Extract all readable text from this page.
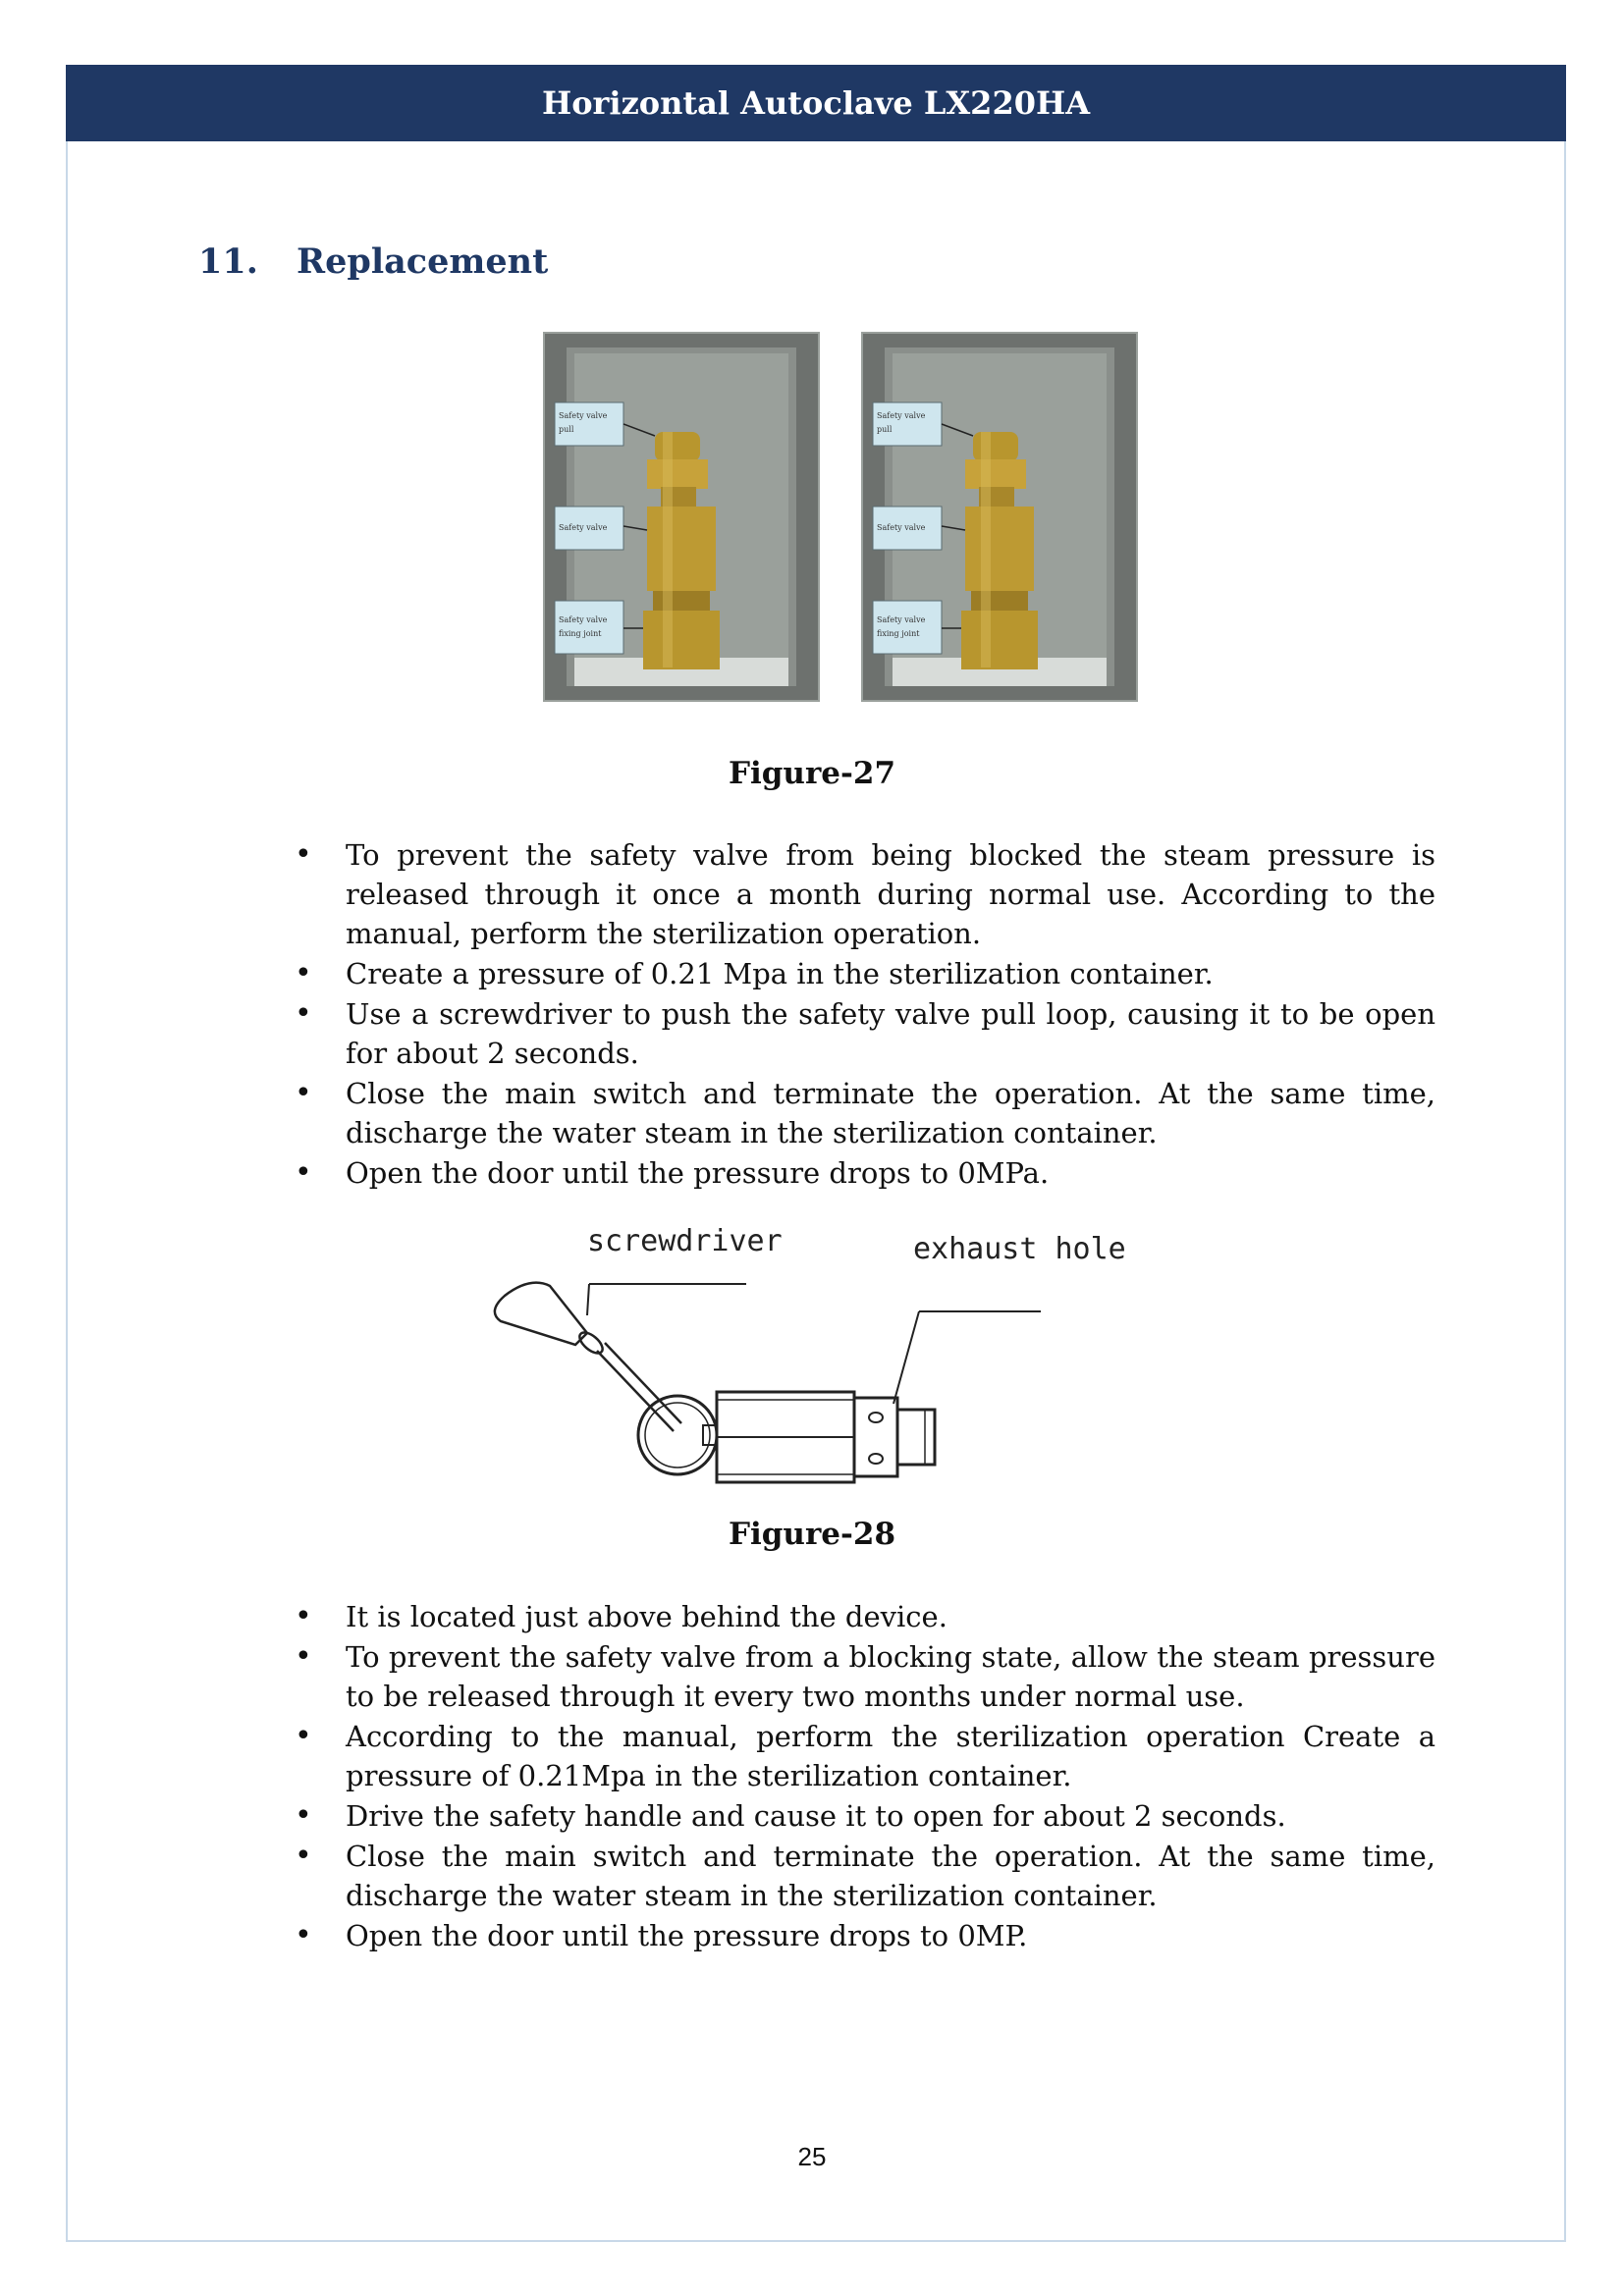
Horizontal Autoclave LX220HA
11. Replacement
Safety valve
pull
Safety valve
Safety valve
fixing joint
Safety valve
pull
Safety valve
Safety valve
fixing joint
Figure-27
• To prevent the safety valve from being blocked the steam pressure is released through it once a month during normal use. According to the manual, perform the sterilization operation.
• Create a pressure of 0.21 Mpa in the sterilization container.
• Use a screwdriver to push the safety valve pull loop, causing it to be open for about 2 seconds.
• Close the main switch and terminate the operation. At the same time, discharge the water steam in the sterilization container.
• Open the door until the pressure drops to 0MPa.
screwdriver	exhaust hole
Figure-28
• It is located just above behind the device.
• To prevent the safety valve from a blocking state, allow the steam pressure to be released through it every two months under normal use.
• According to the manual, perform the sterilization operation Create a pressure of 0.21Mpa in the sterilization container.
• Drive the safety handle and cause it to open for about 2 seconds.
• Close the main switch and terminate the operation. At the same time, discharge the water steam in the sterilization container.
• Open the door until the pressure drops to 0MP.
25
